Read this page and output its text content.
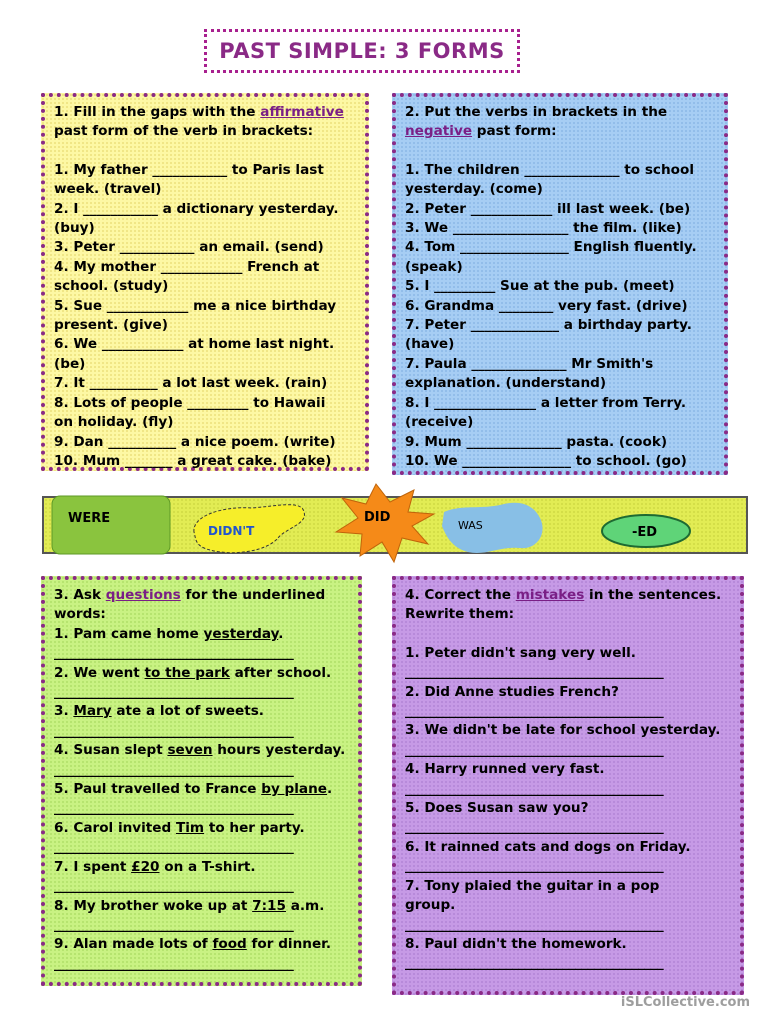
PAST SIMPLE: 3 FORMS

1. Fill in the gaps with the affirmative

past form of the verb in brackets:

1. My father ___________ to Paris last

week. (travel)

2. I ___________ a dictionary yesterday.

(buy)

3. Peter ___________ an email. (send)

4. My mother ____________ French at

school. (study)

5. Sue ____________ me a nice birthday

present. (give)

6. We ____________ at home last night.

(be)

7. It __________ a lot last week. (rain)

8. Lots of people _________ to Hawaii

on holiday. (fly)

9. Dan __________ a nice poem. (write)

10. Mum _______ a great cake. (bake)

2. Put the verbs in brackets in the

negative past form:

1. The children ______________ to school

yesterday. (come)

2. Peter ____________ ill last week. (be)

3. We _________________ the film. (like)

4. Tom ________________ English fluently.

(speak)

5. I _________ Sue at the pub. (meet)

6. Grandma ________ very fast. (drive)

7. Peter _____________ a birthday party.

(have)

7. Paula ______________ Mr Smith's

explanation. (understand)

8. I _______________ a letter from Terry.

(receive)

9. Mum ______________ pasta. (cook)

10. We ________________ to school. (go)

WERE
DIDN'T
DID
WAS	-ED

3. Ask questions for the underlined

words:

1. Pam came home yesterday.

______________________________________

2. We went to the park after school.

______________________________________

3. Mary ate a lot of sweets.

______________________________________

4. Susan slept seven hours yesterday.

______________________________________

5. Paul travelled to France by plane.

______________________________________

6. Carol invited Tim to her party.

______________________________________

7. I spent £20 on a T-shirt.

______________________________________

8. My brother woke up at 7:15 a.m.

______________________________________

9. Alan made lots of food for dinner.

______________________________________

4. Correct the mistakes in the sentences.

Rewrite them:

1. Peter didn't sang very well.

_________________________________________

2. Did Anne studies French?

_________________________________________

3. We didn't be late for school yesterday.

_________________________________________

4. Harry runned very fast.

_________________________________________

5. Does Susan saw you?

_________________________________________

6. It rainned cats and dogs on Friday.

_________________________________________

7. Tony plaied the guitar in a pop

group.

_________________________________________

8. Paul didn't the homework.

_________________________________________

iSLCollective.com
